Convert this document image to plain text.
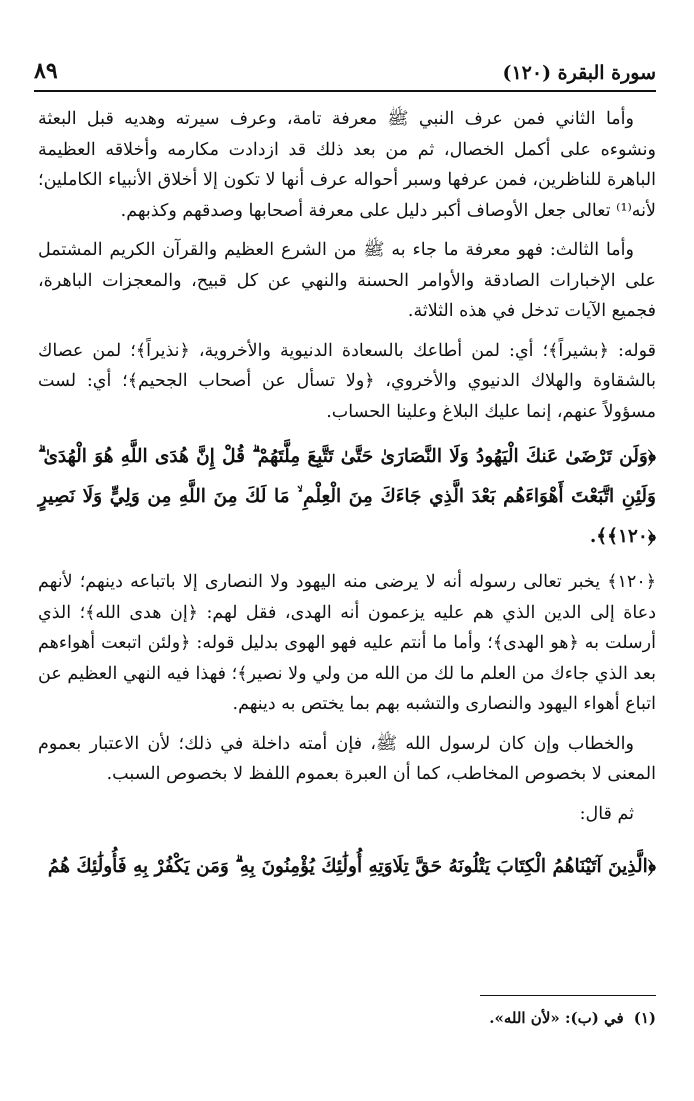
سورة البقرة (١٢٠)
٨٩

وأما الثاني فمن عرف النبي ﷺ معرفة تامة، وعرف سيرته وهديه قبل البعثة ونشوءه على أكمل الخصال، ثم من بعد ذلك قد ازدادت مكارمه وأخلاقه العظيمة الباهرة للناظرين، فمن عرفها وسبر أحواله عرف أنها لا تكون إلا أخلاق الأنبياء الكاملين؛ لأنه⁽¹⁾ تعالى جعل الأوصاف أكبر دليل على معرفة أصحابها وصدقهم وكذبهم.

وأما الثالث: فهو معرفة ما جاء به ﷺ من الشرع العظيم والقرآن الكريم المشتمل على الإخبارات الصادقة والأوامر الحسنة والنهي عن كل قبيح، والمعجزات الباهرة، فجميع الآيات تدخل في هذه الثلاثة.

قوله: ﴿بشيراً﴾؛ أي: لمن أطاعك بالسعادة الدنيوية والأخروية، ﴿نذيراً﴾؛ لمن عصاك بالشقاوة والهلاك الدنيوي والأخروي، ﴿ولا تسأل عن أصحاب الجحيم﴾؛ أي: لست مسؤولاً عنهم، إنما عليك البلاغ وعلينا الحساب.

﴿وَلَن تَرْضَىٰ عَنكَ الْيَهُودُ وَلَا النَّصَارَىٰ حَتَّىٰ تَتَّبِعَ مِلَّتَهُمْ ۗ قُلْ إِنَّ هُدَى اللَّهِ هُوَ الْهُدَىٰ ۗ وَلَئِنِ اتَّبَعْتَ أَهْوَاءَهُم بَعْدَ الَّذِي جَاءَكَ مِنَ الْعِلْمِ ۙ مَا لَكَ مِنَ اللَّهِ مِن وَلِيٍّ وَلَا نَصِيرٍ ﴿١٢٠﴾﴾.

﴿١٢٠﴾ يخبر تعالى رسوله أنه لا يرضى منه اليهود ولا النصارى إلا باتباعه دينهم؛ لأنهم دعاة إلى الدين الذي هم عليه يزعمون أنه الهدى، فقل لهم: ﴿إن هدى الله﴾؛ الذي أرسلت به ﴿هو الهدى﴾؛ وأما ما أنتم عليه فهو الهوى بدليل قوله: ﴿ولئن اتبعت أهواءهم بعد الذي جاءك من العلم ما لك من الله من ولي ولا نصير﴾؛ فهذا فيه النهي العظيم عن اتباع أهواء اليهود والنصارى والتشبه بهم بما يختص به دينهم.

والخطاب وإن كان لرسول الله ﷺ، فإن أمته داخلة في ذلك؛ لأن الاعتبار بعموم المعنى لا بخصوص المخاطب، كما أن العبرة بعموم اللفظ لا بخصوص السبب.

ثم قال:

﴿الَّذِينَ آتَيْنَاهُمُ الْكِتَابَ يَتْلُونَهُ حَقَّ تِلَاوَتِهِ أُولَٰئِكَ يُؤْمِنُونَ بِهِ ۗ وَمَن يَكْفُرْ بِهِ فَأُولَٰئِكَ هُمُ

(١)في (ب): «لأن الله».
